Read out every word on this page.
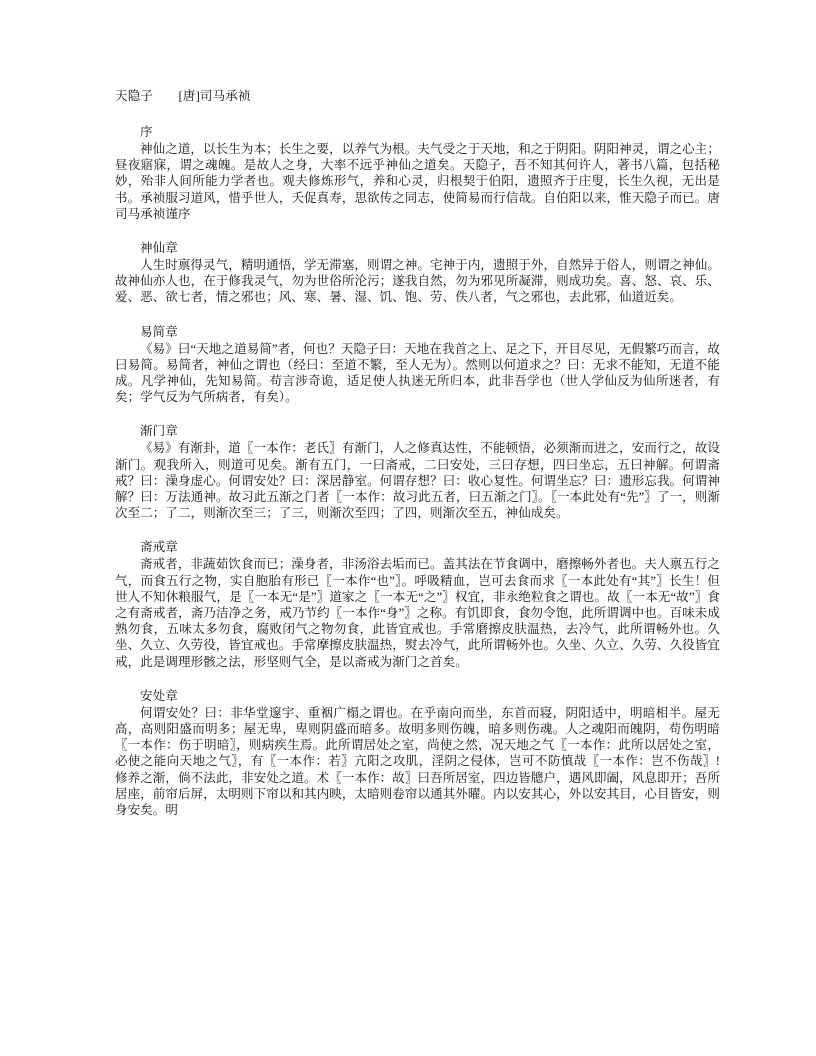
天隐子　　[唐]司马承祯
序
神仙之道，以长生为本；长生之要，以养气为根。夫气受之于天地，和之于阴阳。阴阳神灵，谓之心主；昼夜寤寐，谓之魂魄。是故人之身，大率不远乎神仙之道矣。天隐子，吾不知其何许人，著书八篇，包括秘妙，殆非人间所能力学者也。观夫修炼形气，养和心灵，归根契于伯阳，遗照齐于庄叟，长生久视，无出是书。承祯服习道风，惜乎世人，夭促真寿，思欲传之同志，使简易而行信哉。自伯阳以来，惟天隐子而已。唐司马承祯谨序
神仙章
人生时禀得灵气，精明通悟，学无滞塞，则谓之神。宅神于内，遗照于外，自然异于俗人，则谓之神仙。故神仙亦人也，在于修我灵气，勿为世俗所沦污；遂我自然，勿为邪见所凝滞，则成功矣。喜、怒、哀、乐、爱、恶、欲七者，情之邪也；风、寒、暑、湿、饥、饱、劳、佚八者，气之邪也，去此邪，仙道近矣。
易简章
《易》曰“天地之道易简”者，何也？天隐子曰：天地在我首之上、足之下，开目尽见，无假繁巧而言，故曰易简。易简者，神仙之谓也（经曰：至道不繁，至人无为）。然则以何道求之？曰：无求不能知，无道不能成。凡学神仙，先知易简。苟言涉奇诡，适足使人执迷无所归本，此非吾学也（世人学仙反为仙所迷者，有矣；学气反为气所病者，有矣）。
渐门章
《易》有渐卦，道〖一本作：老氏〗有渐门，人之修真达性，不能顿悟，必须渐而进之，安而行之，故设渐门。观我所入，则道可见矣。渐有五门，一曰斋戒，二曰安处，三曰存想，四曰坐忘，五曰神解。何谓斋戒？曰：澡身虚心。何谓安处？曰：深居静室。何谓存想？曰：收心复性。何谓坐忘？曰：遗形忘我。何谓神解？曰：万法通神。故习此五渐之门者〖一本作：故习此五者，曰五渐之门〗。〖一本此处有“先”〗了一，则渐次至二；了二，则渐次至三；了三，则渐次至四；了四，则渐次至五，神仙成矣。
斋戒章
斋戒者，非蔬茹饮食而已；澡身者，非汤浴去垢而已。盖其法在节食调中，磨擦畅外者也。夫人禀五行之气，而食五行之物，实自胞胎有形已〖一本作“也”〗。呼吸精血，岂可去食而求〖一本此处有“其”〗长生！但世人不知休粮服气，是〖一本无“是”〗道家之〖一本无“之”〗权宜，非永绝粒食之谓也。故〖一本无“故”〗食之有斋戒者，斋乃洁净之务，戒乃节约〖一本作“身”〗之称。有饥即食，食勿令饱，此所谓调中也。百味未成熟勿食，五味太多勿食，腐败闭气之物勿食，此皆宜戒也。手常磨擦皮肤温热，去冷气，此所谓畅外也。久坐、久立、久劳役，皆宜戒也。手常摩擦皮肤温热，熨去冷气，此所谓畅外也。久坐、久立、久劳、久役皆宜戒，此是调理形骸之法，形坚则气全，是以斋戒为渐门之首矣。
安处章
何谓安处？曰：非华堂邃宇、重裀广榻之谓也。在乎南向而坐，东首而寝，阴阳适中，明暗相半。屋无高，高则阳盛而明多；屋无卑，卑则阴盛而暗多。故明多则伤魄，暗多则伤魂。人之魂阳而魄阴，苟伤明暗〖一本作：伤于明暗〗，则病疾生焉。此所谓居处之室，尚使之然，况天地之气〖一本作：此所以居处之室，必使之能向天地之气〗，有〖一本作：若〗亢阳之攻肌，淫阴之侵体，岂可不防慎哉〖一本作：岂不伤哉〗! 修养之渐，倘不法此，非安处之道。术〖一本作：故〗曰吾所居室，四边皆牕户，遇风即阖，风息即开；吾所居座，前帘后屏，太明则下帘以和其内映，太暗则卷帘以通其外曜。内以安其心，外以安其目，心目皆安，则身安矣。明
